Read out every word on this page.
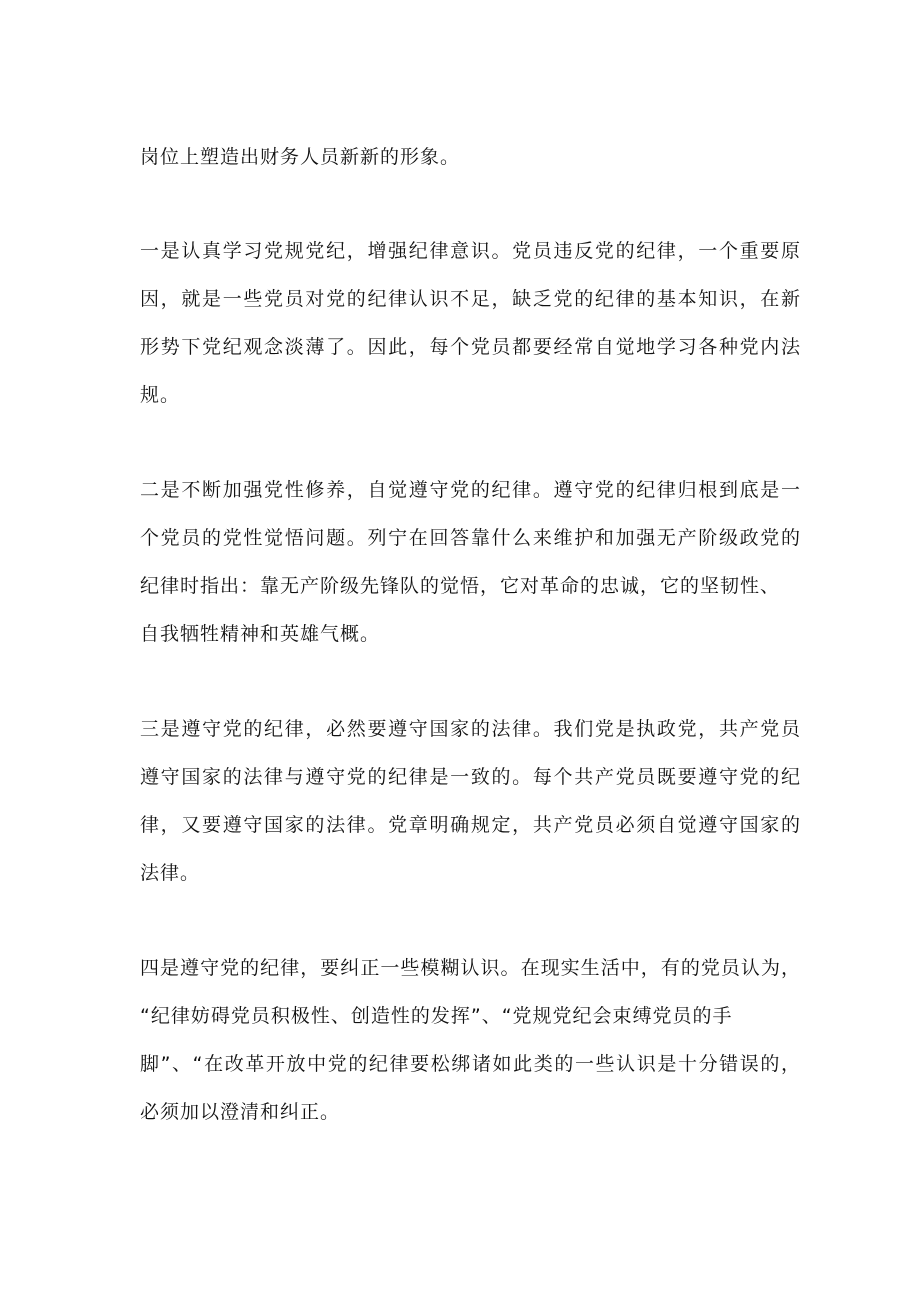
岗位上塑造出财务人员新新的形象。

一是认真学习党规党纪，增强纪律意识。党员违反党的纪律，一个重要原

因，就是一些党员对党的纪律认识不足，缺乏党的纪律的基本知识，在新

形势下党纪观念淡薄了。因此，每个党员都要经常自觉地学习各种党内法

规。

二是不断加强党性修养，自觉遵守党的纪律。遵守党的纪律归根到底是一

个党员的党性觉悟问题。列宁在回答靠什么来维护和加强无产阶级政党的

纪律时指出：靠无产阶级先锋队的觉悟，它对革命的忠诚，它的坚韧性、

自我牺牲精神和英雄气概。

三是遵守党的纪律，必然要遵守国家的法律。我们党是执政党，共产党员

遵守国家的法律与遵守党的纪律是一致的。每个共产党员既要遵守党的纪

律，又要遵守国家的法律。党章明确规定，共产党员必须自觉遵守国家的

法律。

四是遵守党的纪律，要纠正一些模糊认识。在现实生活中，有的党员认为，

“纪律妨碍党员积极性、创造性的发挥”、“党规党纪会束缚党员的手

脚”、“在改革开放中党的纪律要松绑诸如此类的一些认识是十分错误的，

必须加以澄清和纠正。
